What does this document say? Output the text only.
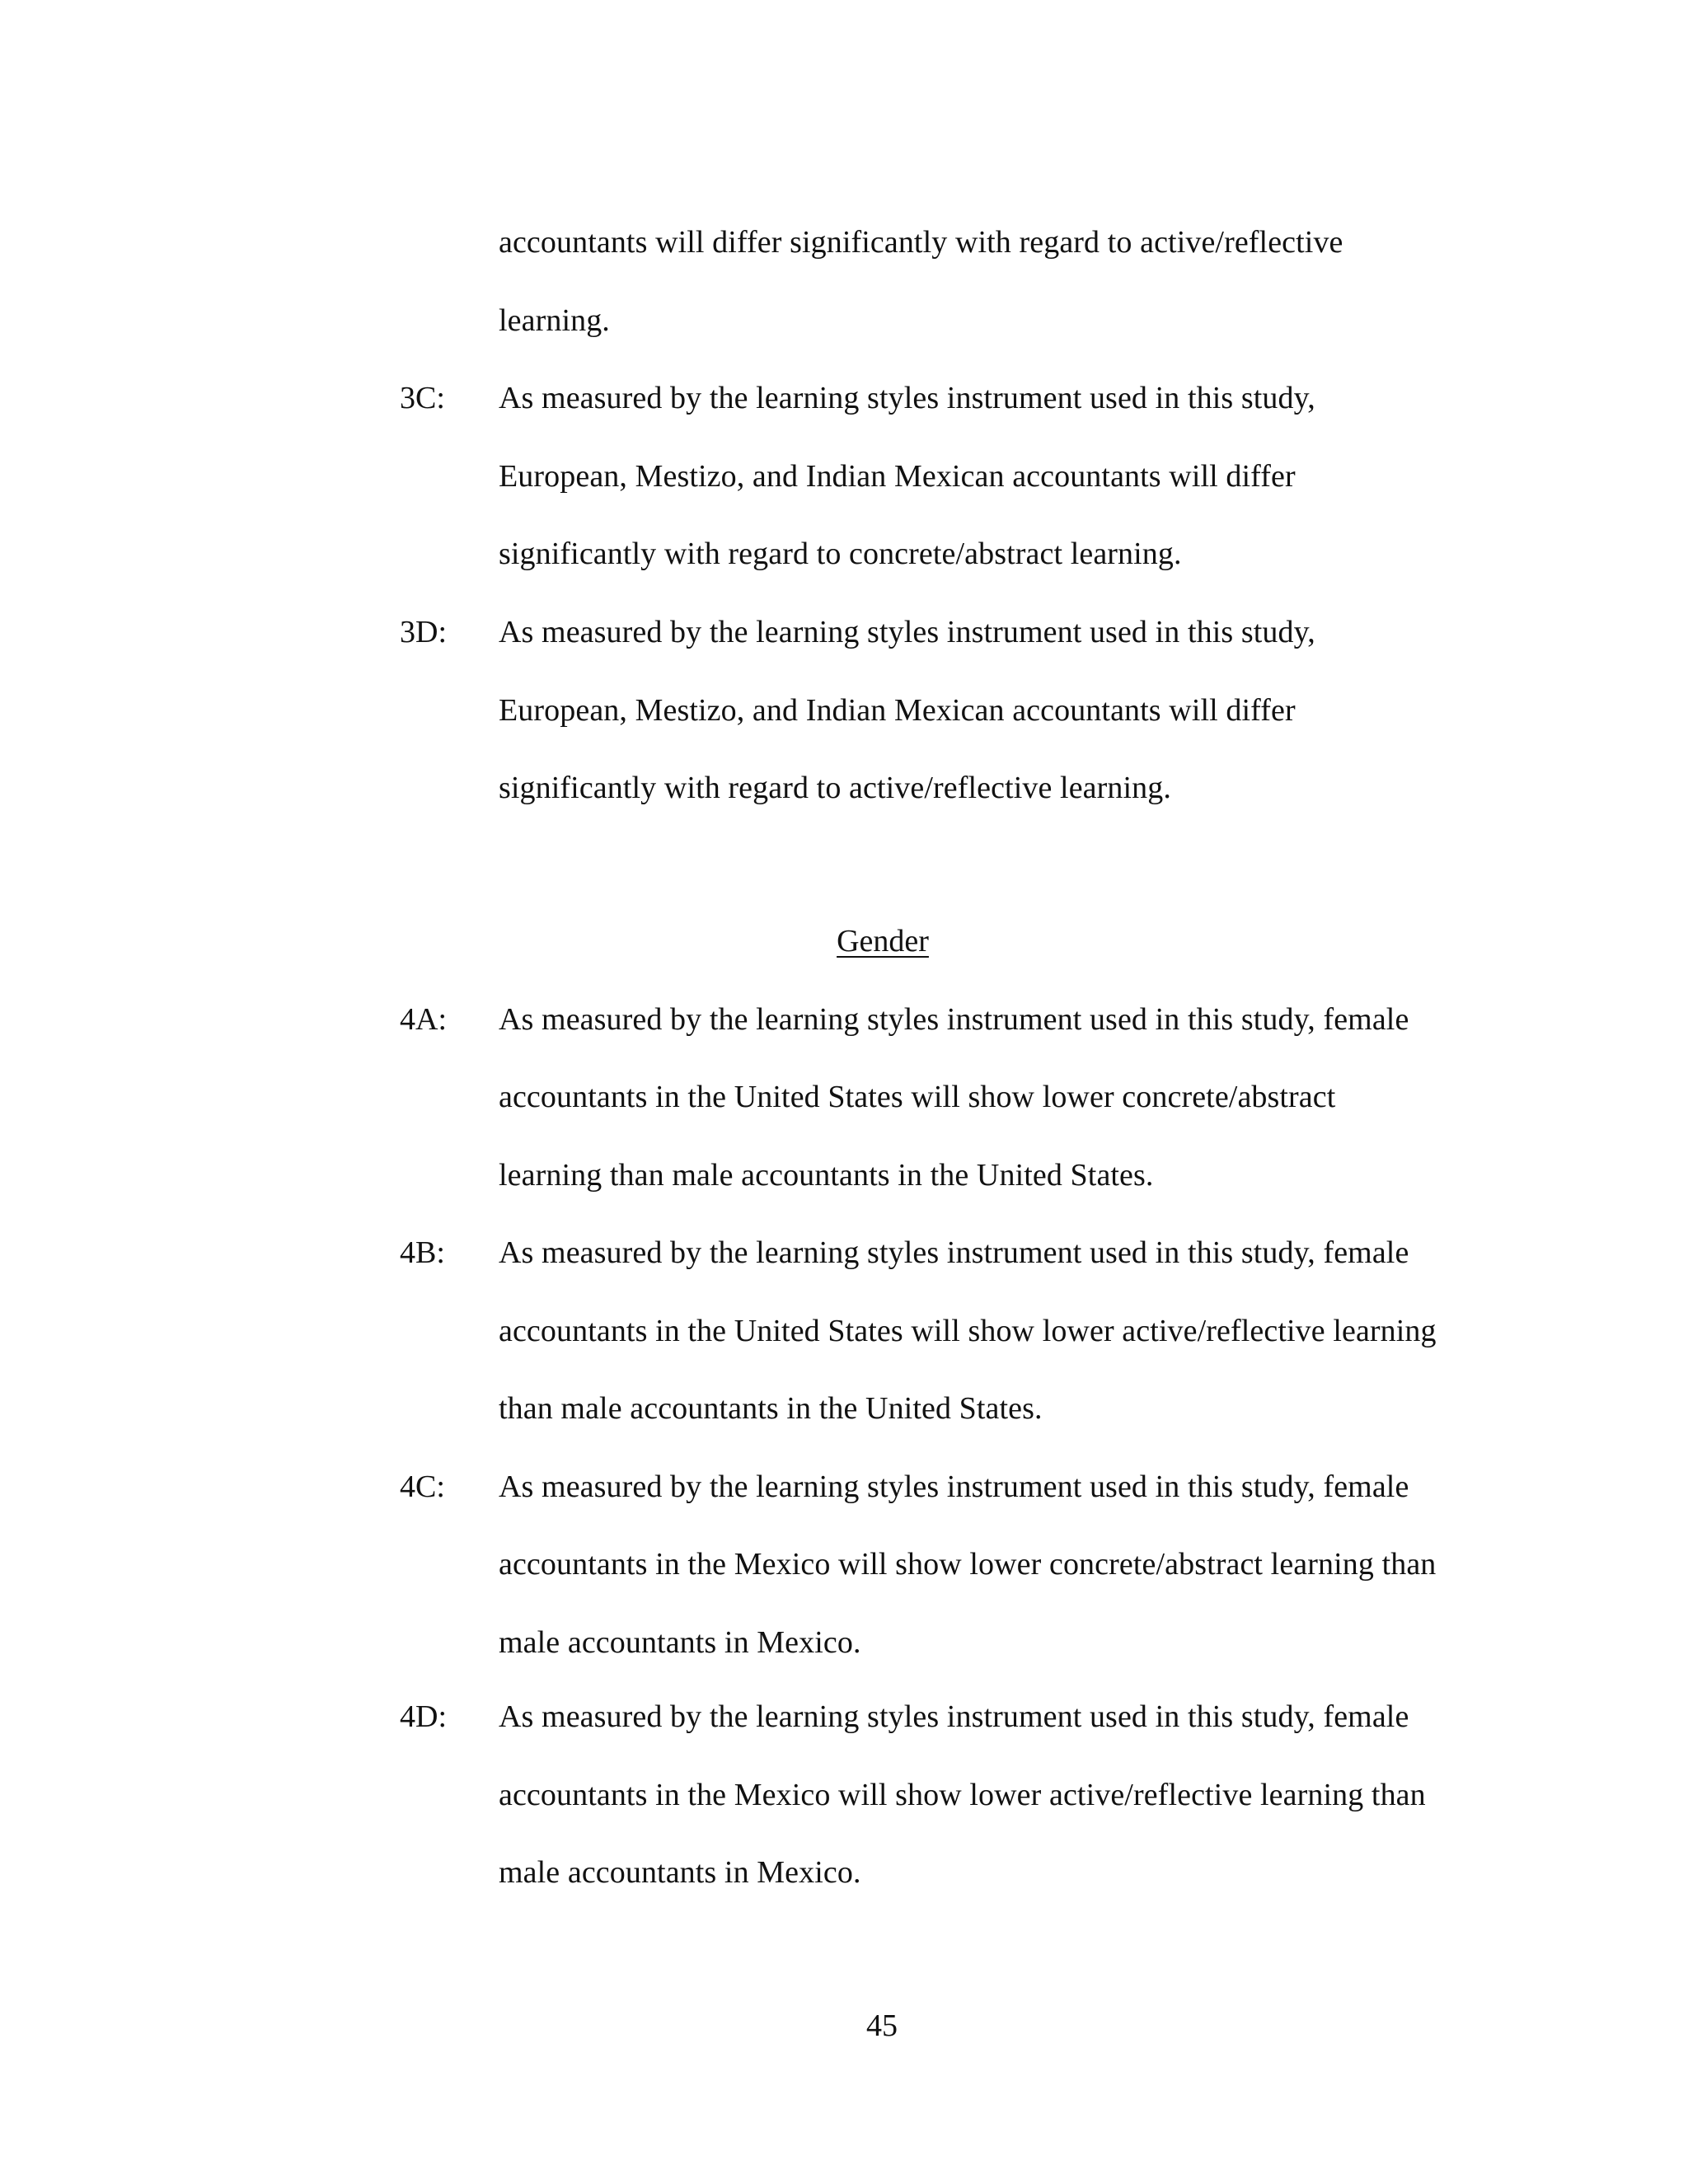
accountants will differ significantly with regard to active/reflective
learning.
3C: As measured by the learning styles instrument used in this study,
European, Mestizo, and Indian Mexican accountants will differ
significantly with regard to concrete/abstract learning.
3D: As measured by the learning styles instrument used in this study,
European, Mestizo, and Indian Mexican accountants will differ
significantly with regard to active/reflective learning.
Gender
4A: As measured by the learning styles instrument used in this study, female
accountants in the United States will show lower concrete/abstract
learning than male accountants in the United States.
4B: As measured by the learning styles instrument used in this study, female
accountants in the United States will show lower active/reflective learning
than male accountants in the United States.
4C: As measured by the learning styles instrument used in this study, female
accountants in the Mexico will show lower concrete/abstract learning than
male accountants in Mexico.
4D: As measured by the learning styles instrument used in this study, female
accountants in the Mexico will show lower active/reflective learning than
male accountants in Mexico.
45
